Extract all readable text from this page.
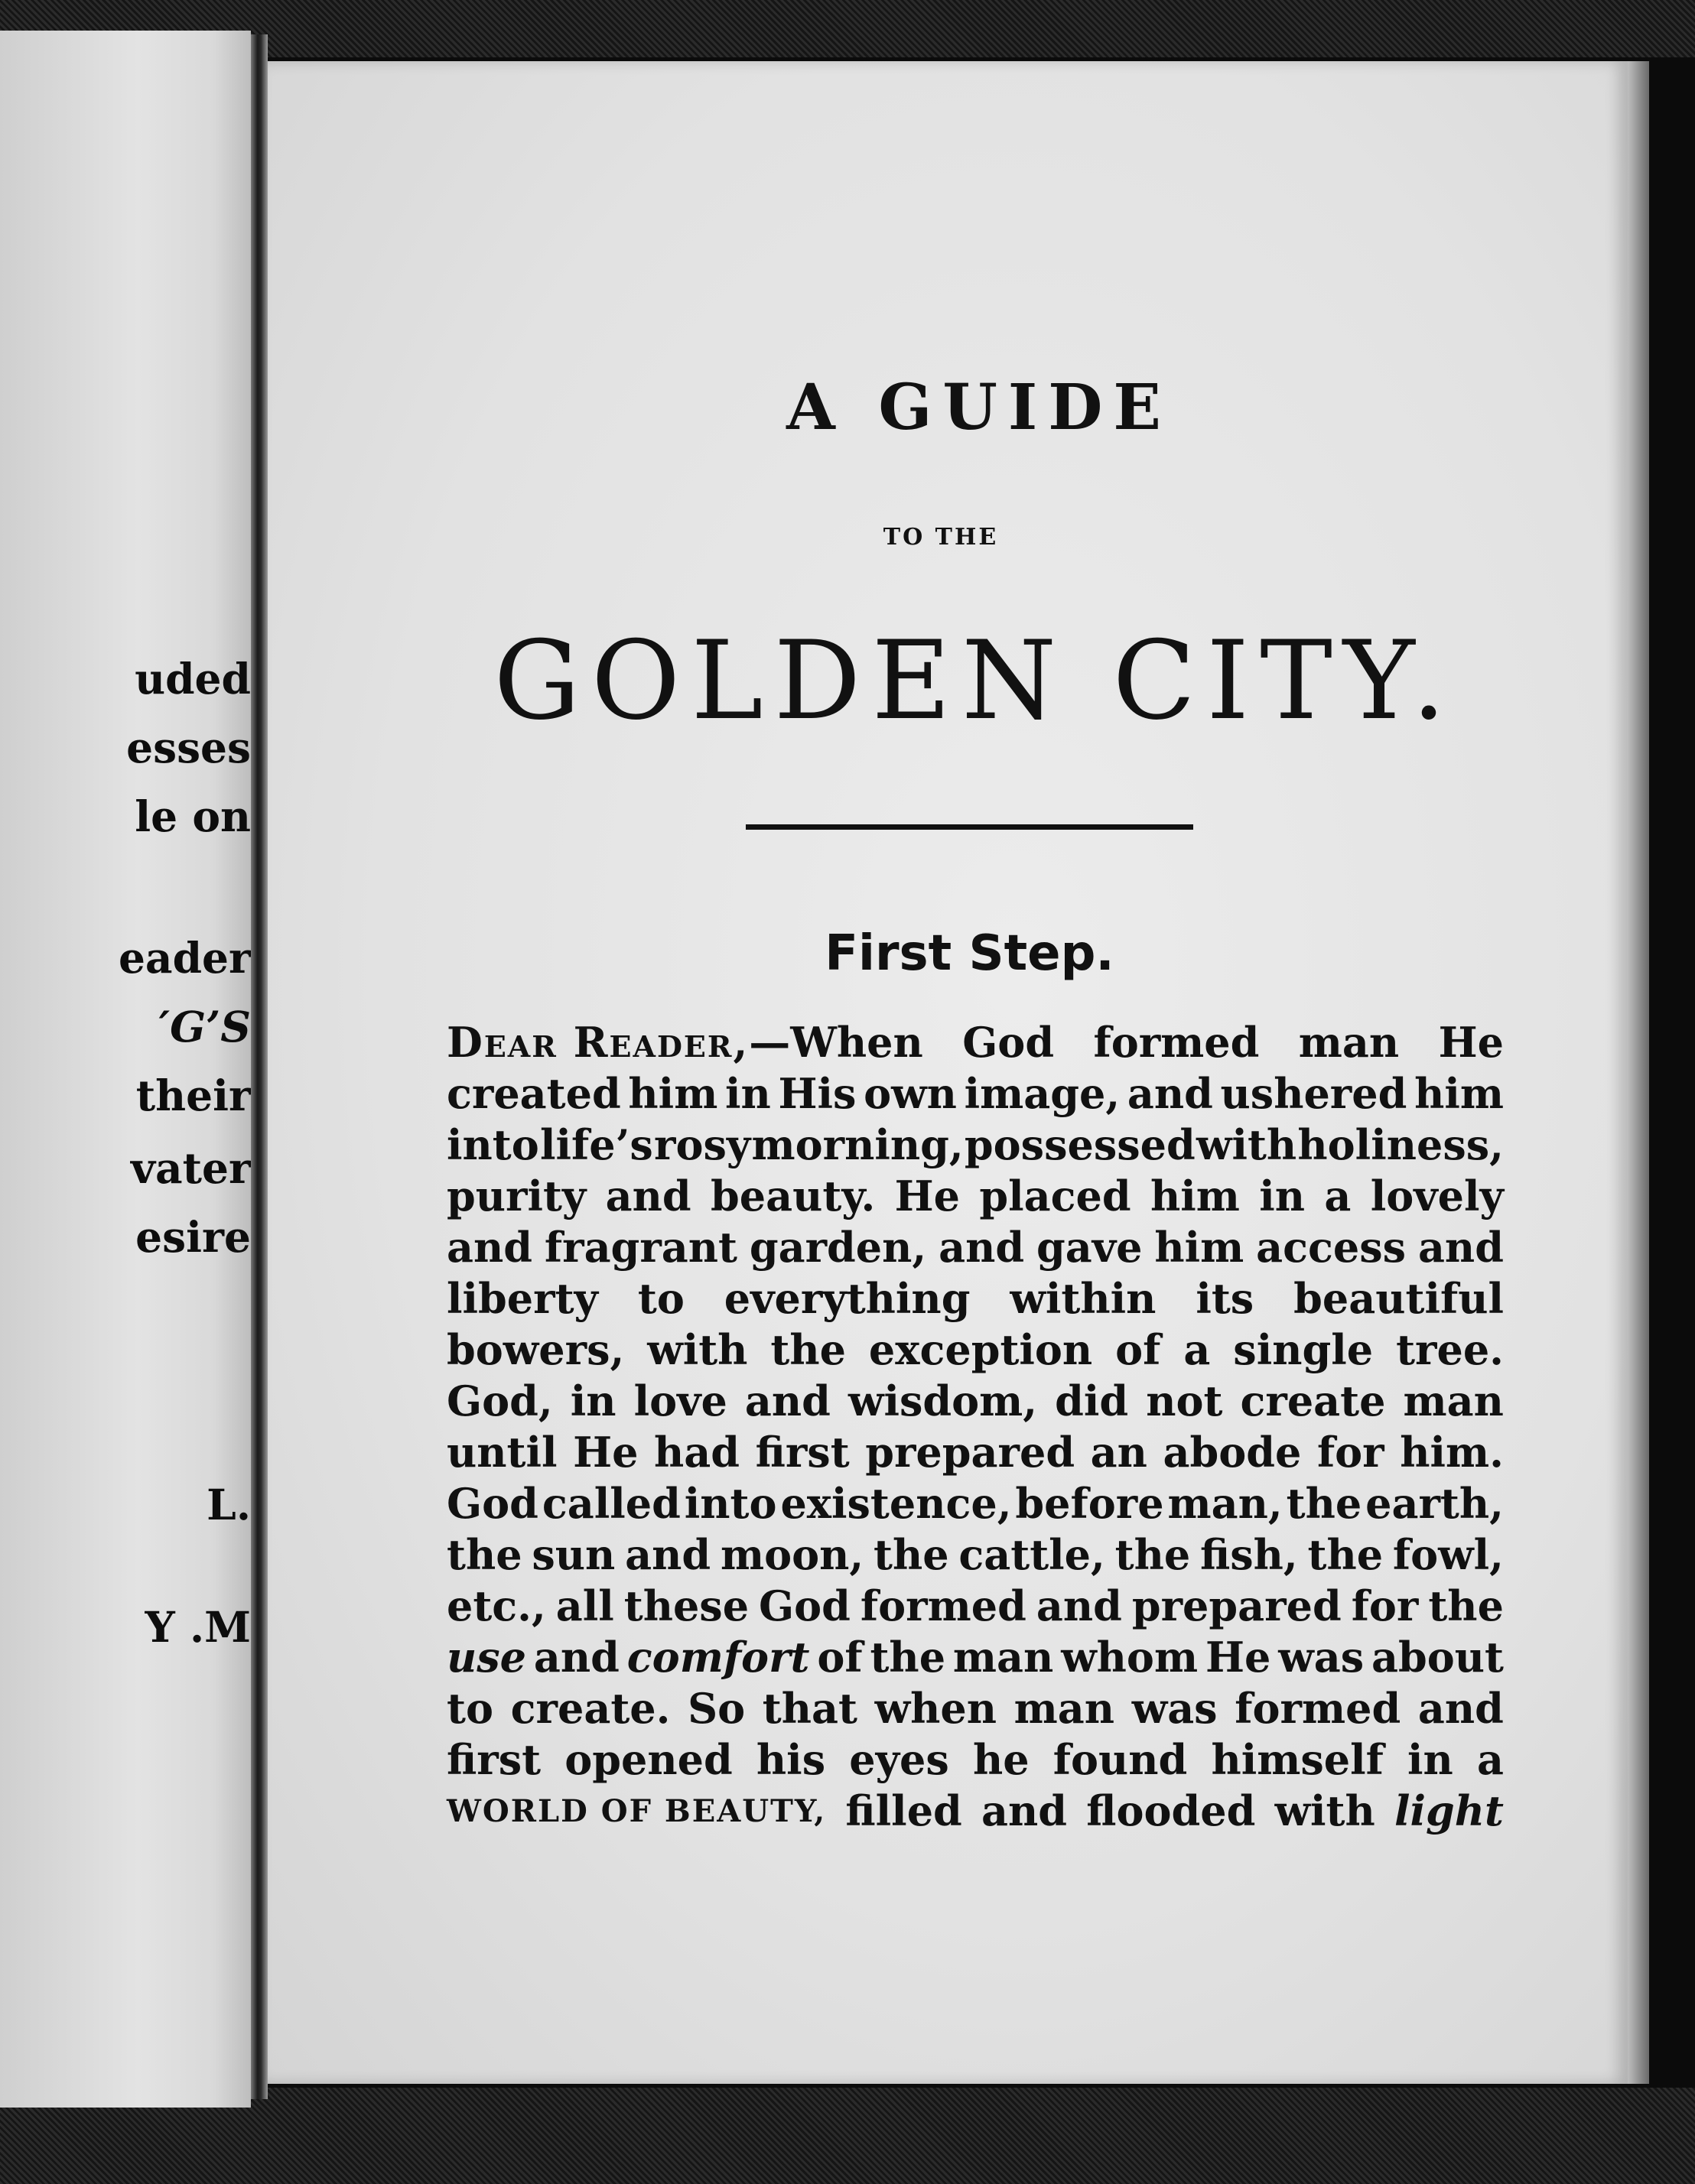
uded
esses
le on
eader
′G’S
their
vater
esire
L.
Y .M
A GUIDE
TO THE
GOLDEN CITY.
First Step.
Dear Reader,—When God formed man He
created him in His own image, and ushered him
into life’s rosy morning, possessed with holiness,
purity and beauty. He placed him in a lovely
and fragrant garden, and gave him access and
liberty to everything within its beautiful
bowers, with the exception of a single tree.
God, in love and wisdom, did not create man
until He had first prepared an abode for him.
God called into existence, before man, the earth,
the sun and moon, the cattle, the fish, the fowl,
etc., all these God formed and prepared for the
use and comfort of the man whom He was about
to create. So that when man was formed and
first opened his eyes he found himself in a
WORLD OF BEAUTY, filled and flooded with light
